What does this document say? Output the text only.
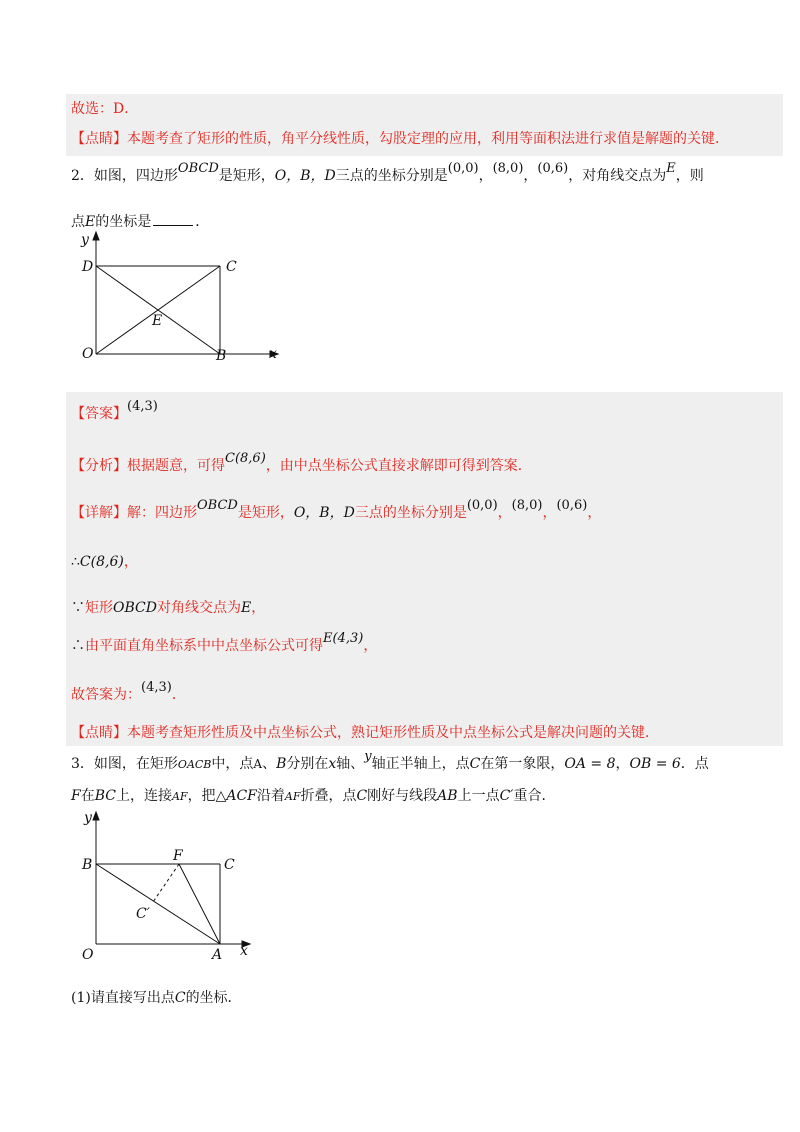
故选：D．
【点睛】本题考查了矩形的性质，角平分线性质，勾股定理的应用，利用等面积法进行求值是解题的关键．
2．如图，四边形OBCD是矩形，O，B，D三点的坐标分别是(0,0)，(8,0)，(0,6)，对角线交点为E，则
点E的坐标是	．
y
x
D	C
E
O	B
【答案】(4,3)
【分析】根据题意，可得C(8,6)，由中点坐标公式直接求解即可得到答案．
【详解】解：四边形OBCD是矩形，O，B，D三点的坐标分别是(0,0)，(8,0)，(0,6)，
∴C(8,6)，
∵矩形OBCD对角线交点为E，
∴由平面直角坐标系中中点坐标公式可得E(4,3)，
故答案为：(4,3)．
【点睛】本题考查矩形性质及中点坐标公式，熟记矩形性质及中点坐标公式是解决问题的关键．
3．如图，在矩形OACB中，点A、B分别在x轴、y轴正半轴上，点C在第一象限，OA = 8，OB = 6．点
F在BC上，连接AF，把△ACF沿着AF折叠，点C刚好与线段AB上一点C′重合．
y
x
B
F
C
C′
O	A
(1)请直接写出点C的坐标．
